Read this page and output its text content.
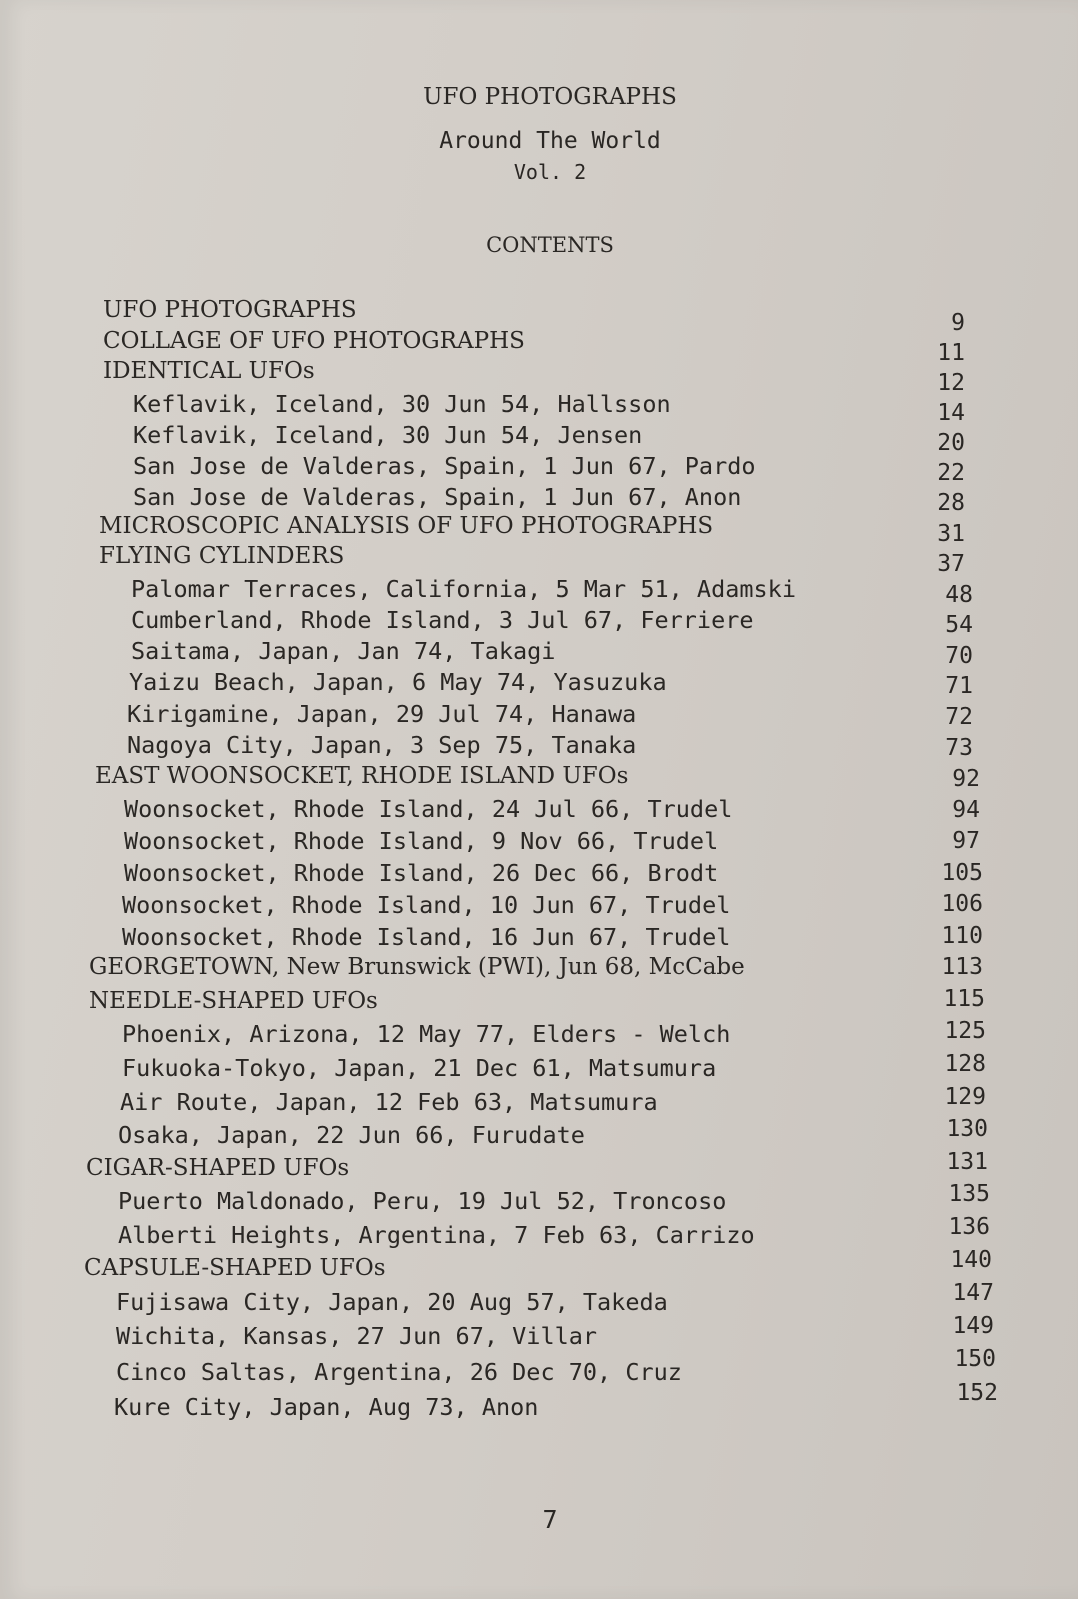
UFO PHOTOGRAPHS
Around The World
Vol. 2
CONTENTS
UFO PHOTOGRAPHS	9
COLLAGE OF UFO PHOTOGRAPHS	11
IDENTICAL UFOs	12
Keflavik, Iceland, 30 Jun 54, Hallsson	14
Keflavik, Iceland, 30 Jun 54, Jensen	20
San Jose de Valderas, Spain, 1 Jun 67, Pardo	22
San Jose de Valderas, Spain, 1 Jun 67, Anon	28
MICROSCOPIC ANALYSIS OF UFO PHOTOGRAPHS	31
FLYING CYLINDERS	37
Palomar Terraces, California, 5 Mar 51, Adamski	48
Cumberland, Rhode Island, 3 Jul 67, Ferriere	54
Saitama, Japan, Jan 74, Takagi	70
Yaizu Beach, Japan, 6 May 74, Yasuzuka	71
Kirigamine, Japan, 29 Jul 74, Hanawa	72
Nagoya City, Japan, 3 Sep 75, Tanaka	73
EAST WOONSOCKET, RHODE ISLAND UFOs	92
Woonsocket, Rhode Island, 24 Jul 66, Trudel	94
Woonsocket, Rhode Island, 9 Nov 66, Trudel	97
Woonsocket, Rhode Island, 26 Dec 66, Brodt	105
Woonsocket, Rhode Island, 10 Jun 67, Trudel	106
Woonsocket, Rhode Island, 16 Jun 67, Trudel	110
GEORGETOWN, New Brunswick (PWI), Jun 68, McCabe	113
NEEDLE-SHAPED UFOs	115
Phoenix, Arizona, 12 May 77, Elders - Welch	125
Fukuoka-Tokyo, Japan, 21 Dec 61, Matsumura	128
Air Route, Japan, 12 Feb 63, Matsumura	129
Osaka, Japan, 22 Jun 66, Furudate	130
CIGAR-SHAPED UFOs	131
Puerto Maldonado, Peru, 19 Jul 52, Troncoso	135
Alberti Heights, Argentina, 7 Feb 63, Carrizo	136
CAPSULE-SHAPED UFOs	140
Fujisawa City, Japan, 20 Aug 57, Takeda	147
Wichita, Kansas, 27 Jun 67, Villar	149
Cinco Saltas, Argentina, 26 Dec 70, Cruz	150
Kure City, Japan, Aug 73, Anon	152
7
